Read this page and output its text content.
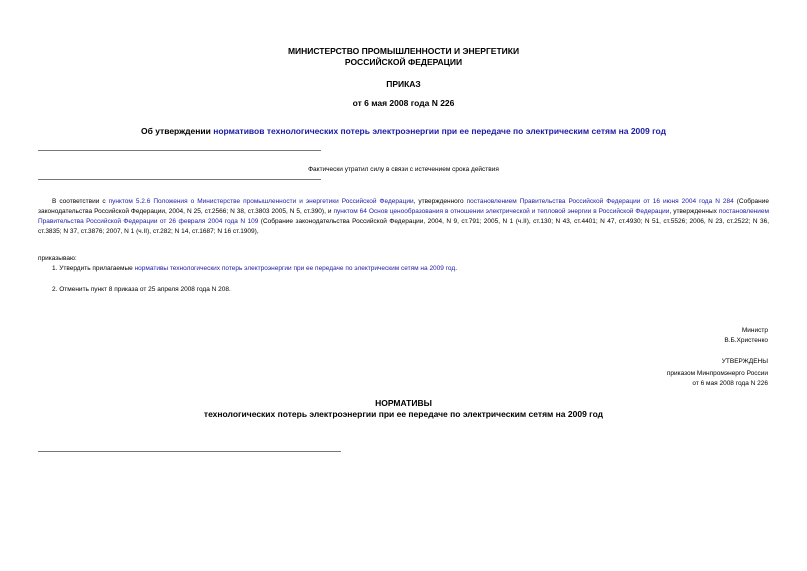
МИНИСТЕРСТВО ПРОМЫШЛЕННОСТИ И ЭНЕРГЕТИКИ
РОССИЙСКОЙ ФЕДЕРАЦИИ
ПРИКАЗ
от 6 мая 2008 года N 226
Об утверждении нормативов технологических потерь электроэнергии при ее передаче по электрическим сетям на 2009 год
Фактически утратил силу в связи с истечением срока действия
В соответствии с пунктом 5.2.6 Положения о Министерстве промышленности и энергетики Российской Федерации, утвержденного постановлением Правительства Российской Федерации от 16 июня 2004 года N 284 (Собрание законодательства Российской Федерации, 2004, N 25, ст.2566; N 38, ст.3803 2005, N 5, ст.390), и пунктом 64 Основ ценообразования в отношении электрической и тепловой энергии в Российской Федерации, утвержденных постановлением Правительства Российской Федерации от 26 февраля 2004 года N 109 (Собрание законодательства Российской Федерации, 2004, N 9, ст.791; 2005, N 1 (ч.II), ст.130; N 43, ст.4401; N 47, ст.4930; N 51, ст.5526; 2006, N 23, ст.2522; N 36, ст.3835; N 37, ст.3876; 2007, N 1 (ч.II), ст.282; N 14, ст.1687; N 16 ст.1909),
приказываю:
1. Утвердить прилагаемые нормативы технологических потерь электроэнергии при ее передаче по электрическим сетям на 2009 год.
2. Отменить пункт 8 приказа от 25 апреля 2008 года N 208.
Министр
В.Б.Христенко
УТВЕРЖДЕНЫ
приказом Минпромэнерго России
от 6 мая 2008 года N 226
НОРМАТИВЫ
технологических потерь электроэнергии при ее передаче по электрическим сетям на 2009 год
